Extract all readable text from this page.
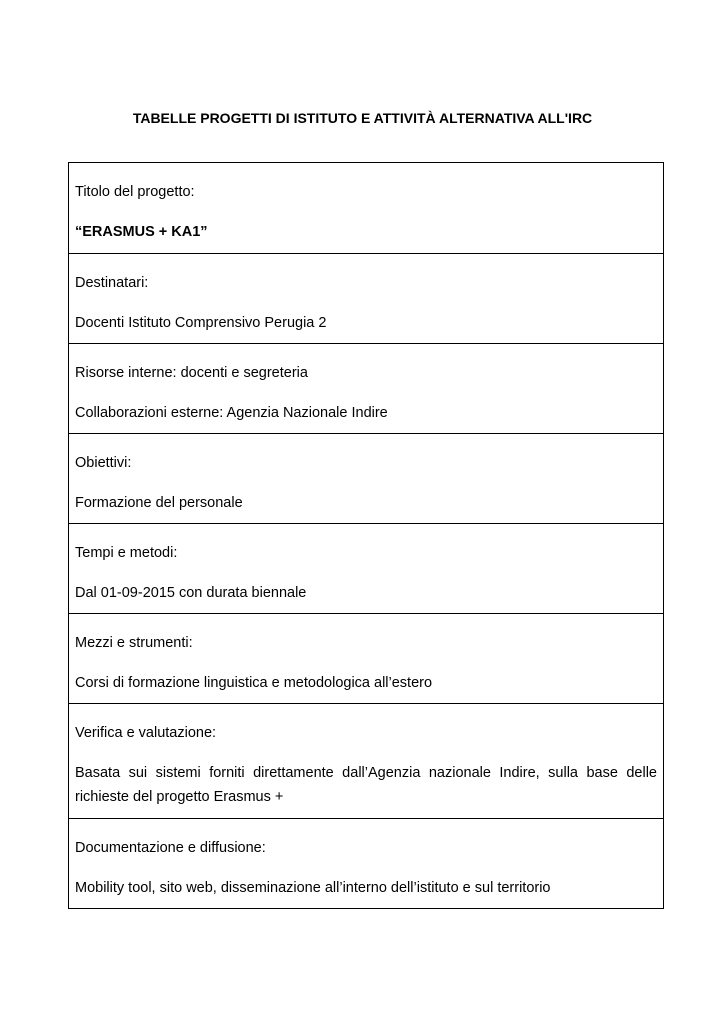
TABELLE PROGETTI DI ISTITUTO E ATTIVITÀ ALTERNATIVA ALL'IRC
Titolo del progetto:
“ERASMUS + KA1”

Destinatari:
Docenti Istituto Comprensivo Perugia 2

Risorse interne: docenti e segreteria
Collaborazioni esterne: Agenzia Nazionale Indire

Obiettivi:
Formazione del personale

Tempi e metodi:
Dal 01-09-2015 con durata biennale

Mezzi e strumenti:
Corsi di formazione linguistica e metodologica all’estero

Verifica e valutazione:
Basata sui sistemi forniti direttamente dall’Agenzia nazionale Indire, sulla base delle richieste del progetto Erasmus +

Documentazione e diffusione:
Mobility tool, sito web, disseminazione all’interno dell’istituto e sul territorio
